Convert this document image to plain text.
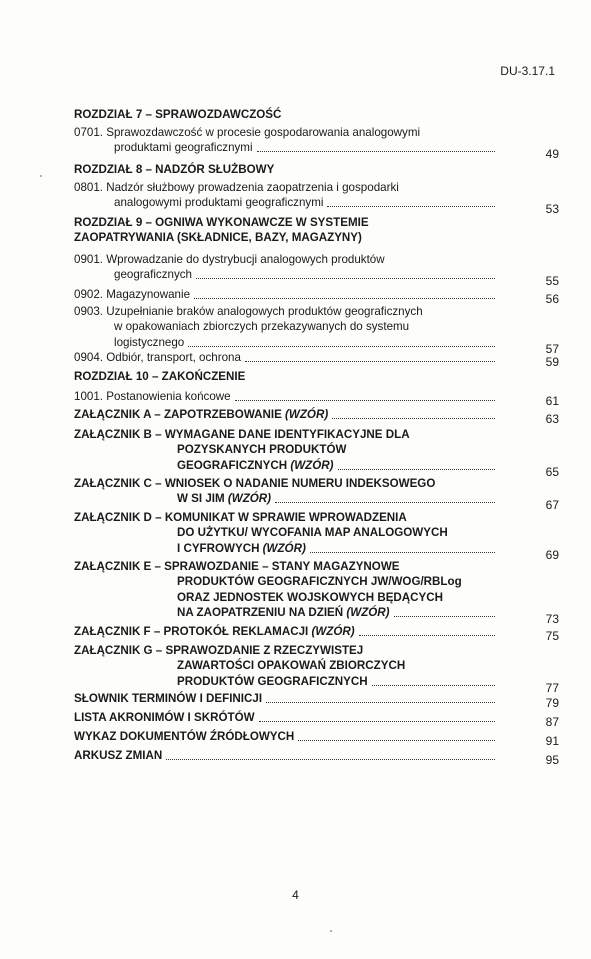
DU-3.17.1
ROZDZIAŁ 7 – SPRAWOZDAWCZOŚĆ
0701. Sprawozdawczość w procesie gospodarowania analogowymi
produktami geograficznymi	49
ROZDZIAŁ 8 – NADZÓR SŁUŻBOWY
0801. Nadzór służbowy prowadzenia zaopatrzenia i gospodarki
analogowymi produktami geograficznymi	53
ROZDZIAŁ 9 – OGNIWA WYKONAWCZE W SYSTEMIE
ZAOPATRYWANIA (SKŁADNICE, BAZY, MAGAZYNY)
0901. Wprowadzanie do dystrybucji analogowych produktów
geograficznych	55
0902. Magazynowanie	56
0903. Uzupełnianie braków analogowych produktów geograficznych
w opakowaniach zbiorczych przekazywanych do systemu
logistycznego	57
0904. Odbiór, transport, ochrona	59
ROZDZIAŁ 10 – ZAKOŃCZENIE
1001. Postanowienia końcowe	61
ZAŁĄCZNIK A – ZAPOTRZEBOWANIE (WZÓR)	63
ZAŁĄCZNIK B – WYMAGANE DANE IDENTYFIKACYJNE DLA
POZYSKANYCH PRODUKTÓW
GEOGRAFICZNYCH (WZÓR)	65
ZAŁĄCZNIK C – WNIOSEK O NADANIE NUMERU INDEKSOWEGO
W SI JIM (WZÓR)	67
ZAŁĄCZNIK D – KOMUNIKAT W SPRAWIE WPROWADZENIA
DO UŻYTKU/ WYCOFANIA MAP ANALOGOWYCH
I CYFROWYCH (WZÓR)	69
ZAŁĄCZNIK E – SPRAWOZDANIE – STANY MAGAZYNOWE
PRODUKTÓW GEOGRAFICZNYCH JW/WOG/RBLog
ORAZ JEDNOSTEK WOJSKOWYCH BĘDĄCYCH
NA ZAOPATRZENIU NA DZIEŃ (WZÓR)	73
ZAŁĄCZNIK F – PROTOKÓŁ REKLAMACJI (WZÓR)	75
ZAŁĄCZNIK G – SPRAWOZDANIE Z RZECZYWISTEJ
ZAWARTOŚCI OPAKOWAŃ ZBIORCZYCH
PRODUKTÓW GEOGRAFICZNYCH	77
SŁOWNIK TERMINÓW I DEFINICJI	79
LISTA AKRONIMÓW I SKRÓTÓW	87
WYKAZ DOKUMENTÓW ŹRÓDŁOWYCH	91
ARKUSZ ZMIAN	95
4
